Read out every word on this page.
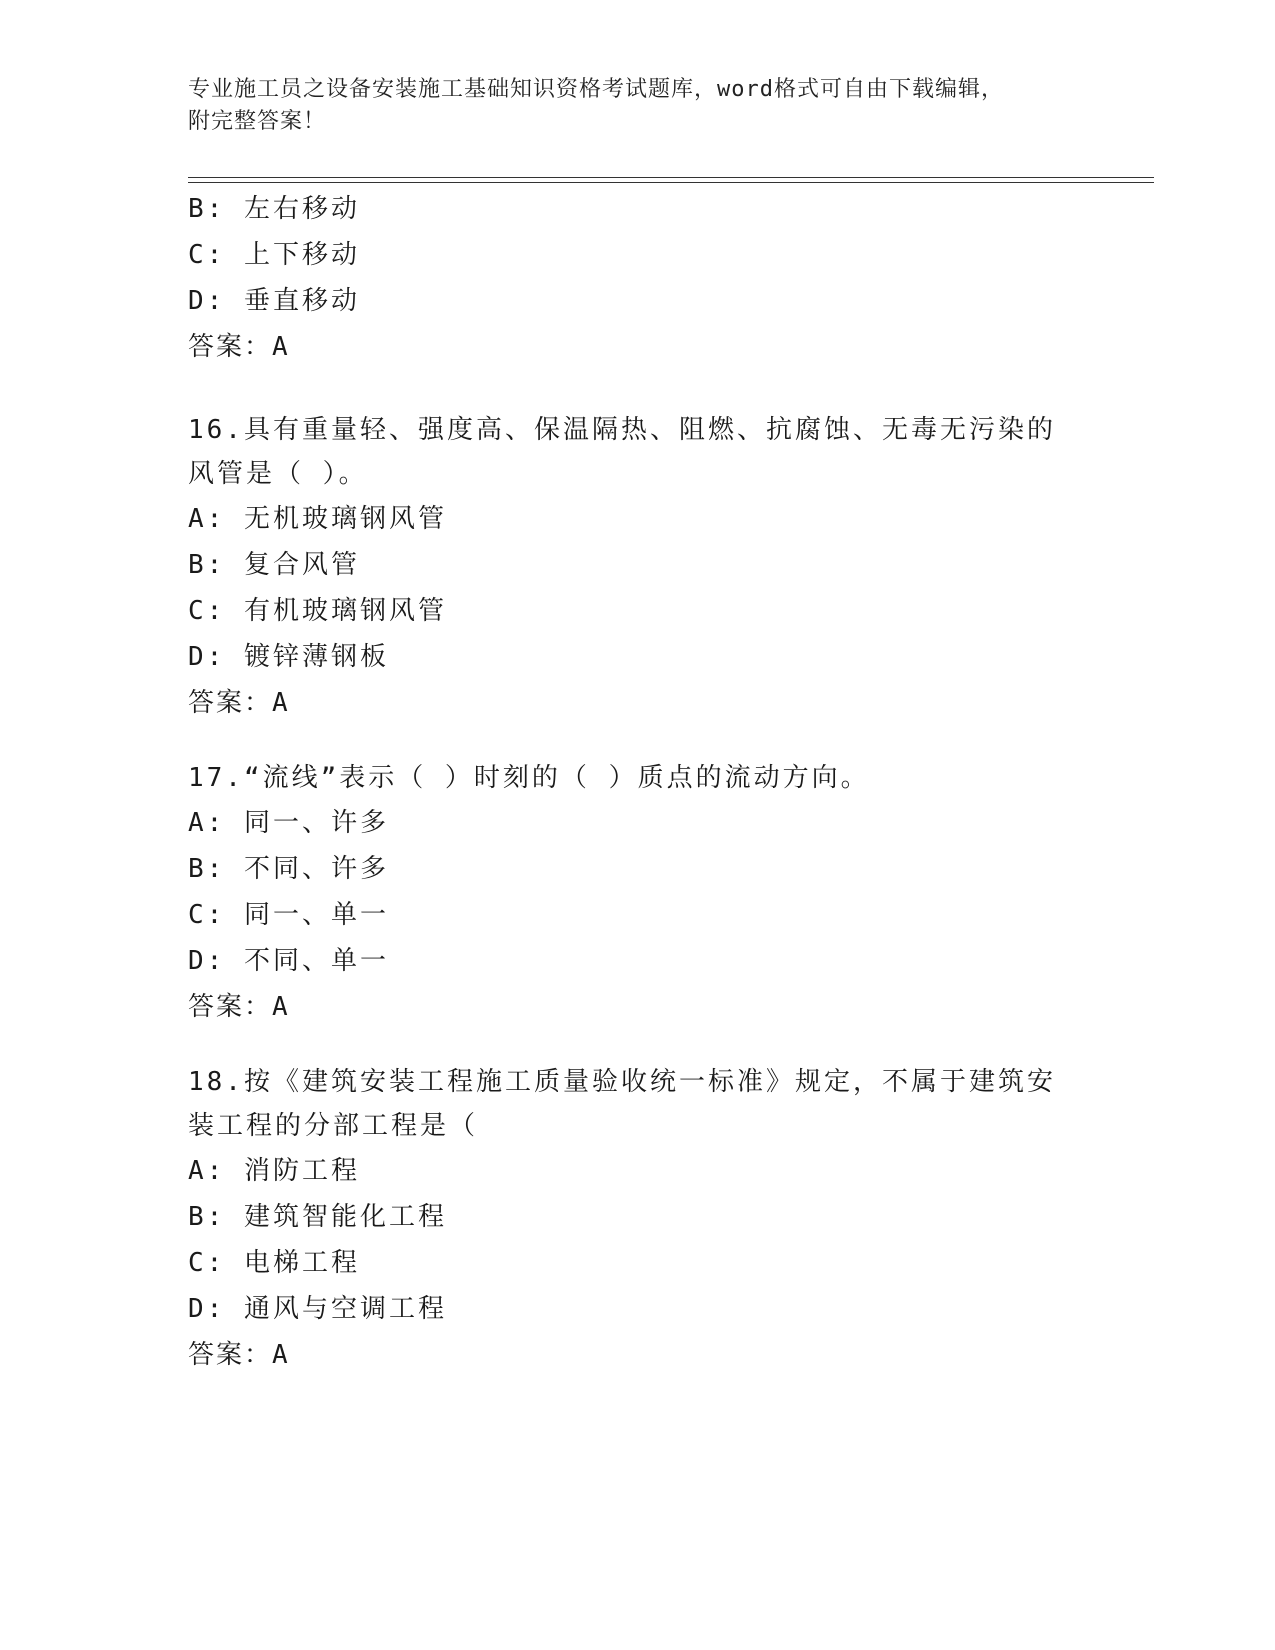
专业施工员之设备安装施工基础知识资格考试题库，word格式可自由下载编辑，
附完整答案！
B: 左右移动
C: 上下移动
D: 垂直移动
答案：A
16.具有重量轻、强度高、保温隔热、阻燃、抗腐蚀、无毒无污染的风管是（ ）。
A: 无机玻璃钢风管
B: 复合风管
C: 有机玻璃钢风管
D: 镀锌薄钢板
答案：A
17.“流线”表示（ ）时刻的（ ）质点的流动方向。
A: 同一、许多
B: 不同、许多
C: 同一、单一
D: 不同、单一
答案：A
18.按《建筑安装工程施工质量验收统一标准》规定，不属于建筑安装工程的分部工程是（
A: 消防工程
B: 建筑智能化工程
C: 电梯工程
D: 通风与空调工程
答案：A
